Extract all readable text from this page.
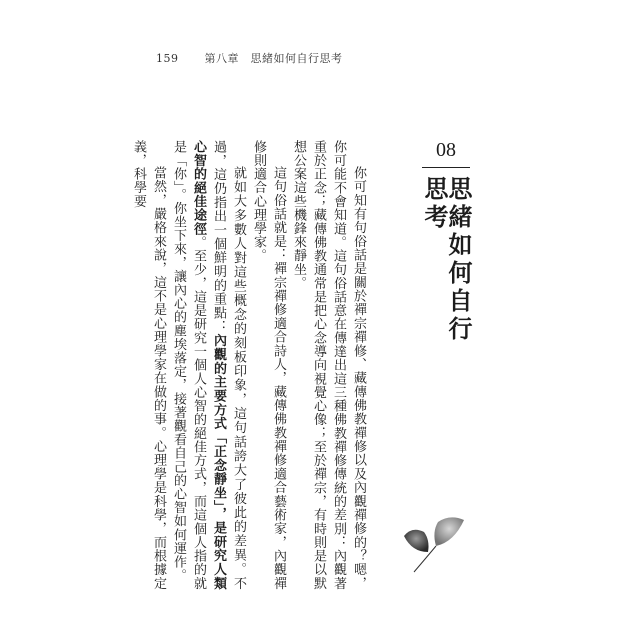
159 第八章　思緒如何自行思考
08
思緒如何自行思考

你可知有句俗話是關於禪宗禪修、藏傳佛教禪修以及內觀禪修的？嗯，你可能不會知道。這句俗話意在傳達出這三種佛教禪修傳統的差別：內觀著重於正念；藏傳佛教通常是把心念導向視覺心像；至於禪宗，有時則是以默想公案這些機鋒來靜坐。

這句俗話就是：禪宗禪修適合詩人，藏傳佛教禪修適合藝術家，內觀禪修則適合心理學家。

就如大多數人對這些概念的刻板印象，這句話誇大了彼此的差異。不過，這仍指出一個鮮明的重點：內觀的主要方式「正念靜坐」，是研究人類心智的絕佳途徑。至少，這是研究一個人心智的絕佳方式，而這個人指的就是「你」。你坐下來，讓內心的塵埃落定，接著觀看自己的心智如何運作。

當然，嚴格來說，這不是心理學家在做的事。心理學是科學，而根據定義，科學要
